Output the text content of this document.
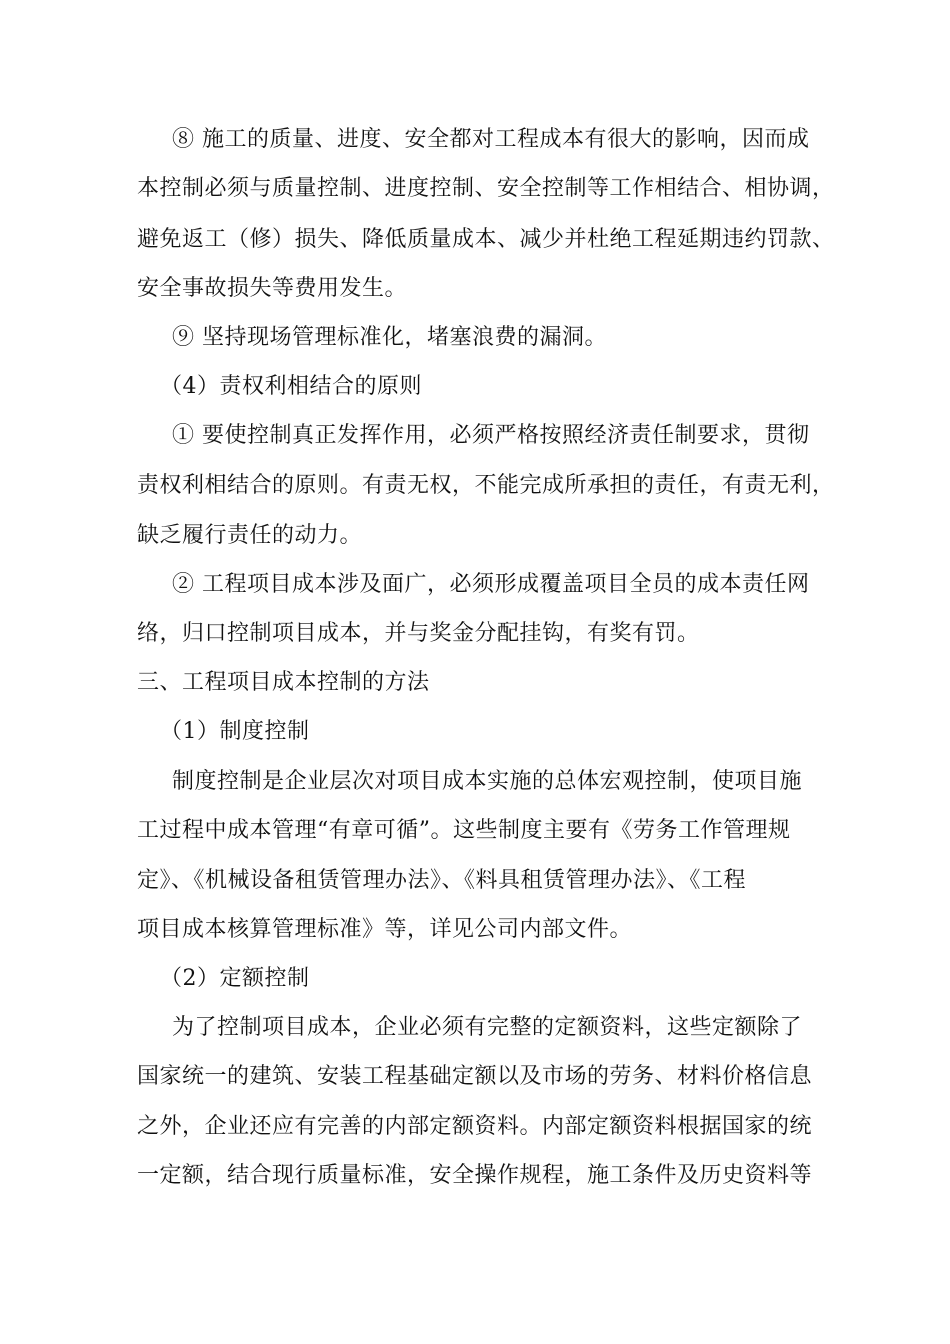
⑧ 施工的质量、进度、安全都对工程成本有很大的影响，因而成
本控制必须与质量控制、进度控制、安全控制等工作相结合、相协调，
避免返工（修）损失、降低质量成本、减少并杜绝工程延期违约罚款、
安全事故损失等费用发生。
⑨ 坚持现场管理标准化，堵塞浪费的漏洞。
（4）责权利相结合的原则
① 要使控制真正发挥作用，必须严格按照经济责任制要求，贯彻
责权利相结合的原则。有责无权，不能完成所承担的责任，有责无利，
缺乏履行责任的动力。
② 工程项目成本涉及面广，必须形成覆盖项目全员的成本责任网
络，归口控制项目成本，并与奖金分配挂钩，有奖有罚。
三、工程项目成本控制的方法
（1）制度控制
制度控制是企业层次对项目成本实施的总体宏观控制，使项目施
工过程中成本管理“有章可循”。这些制度主要有《劳务工作管理规
定》、《机械设备租赁管理办法》、《料具租赁管理办法》、《工程
项目成本核算管理标准》等，详见公司内部文件。
（2）定额控制
为了控制项目成本，企业必须有完整的定额资料，这些定额除了
国家统一的建筑、安装工程基础定额以及市场的劳务、材料价格信息
之外，企业还应有完善的内部定额资料。内部定额资料根据国家的统
一定额，结合现行质量标准，安全操作规程，施工条件及历史资料等
